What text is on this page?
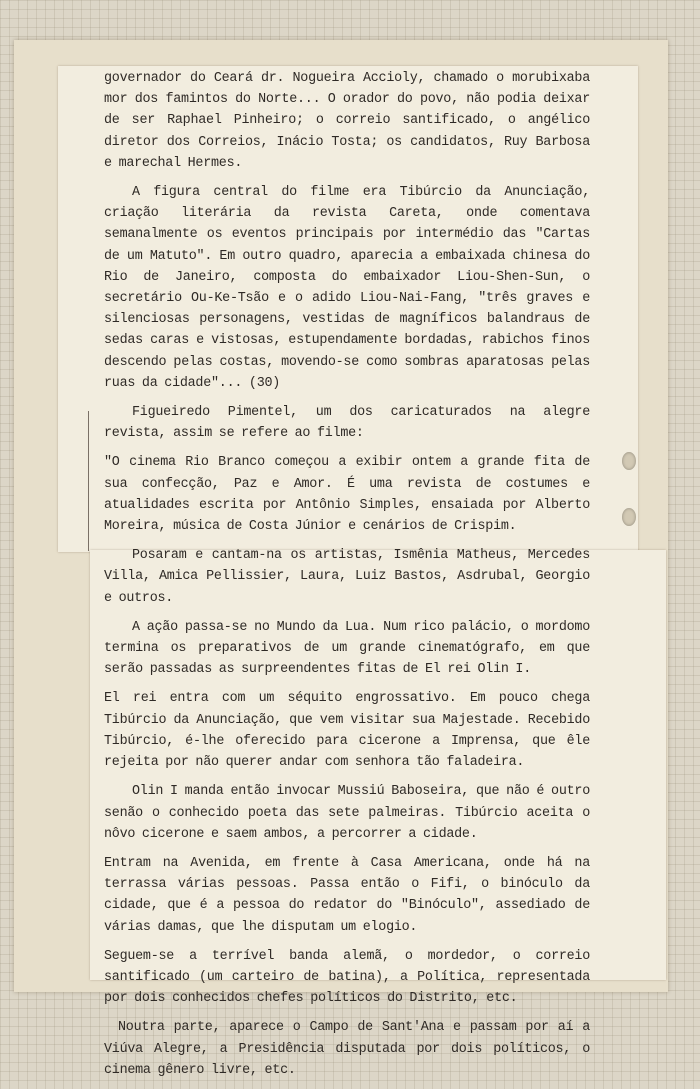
governador do Ceará dr. Nogueira Accioly, chamado o morubixaba mor dos famintos do Norte... O orador do povo, não podia deixar de ser Raphael Pinheiro; o correio santificado, o angélico diretor dos Correios, Inácio Tosta; os candidatos, Ruy Barbosa e marechal Hermes.

A figura central do filme era Tibúrcio da Anunciação, criação literária da revista Careta, onde comentava semanalmente os eventos principais por intermédio das "Cartas de um Matuto". Em outro quadro, aparecia a embaixada chinesa do Rio de Janeiro, composta do embaixador Liou-Shen-Sun, o secretário Ou-Ke-Tsão e o adido Liou-Nai-Fang, "três graves e silenciosas personagens, vestidas de magníficos balandraus de sedas caras e vistosas, estupendamente bordadas, rabichos finos descendo pelas costas, movendo-se como sombras aparatosas pelas ruas da cidade"... (30)

Figueiredo Pimentel, um dos caricaturados na alegre revista, assim se refere ao filme:

"O cinema Rio Branco começou a exibir ontem a grande fita de sua confecção, Paz e Amor. É uma revista de costumes e atualidades escrita por Antônio Simples, ensaiada por Alberto Moreira, música de Costa Júnior e cenários de Crispim.

Posaram e cantam-na os artistas, Ismênia Matheus, Mercedes Villa, Amica Pellissier, Laura, Luiz Bastos, Asdrubal, Georgio e outros.

A ação passa-se no Mundo da Lua. Num rico palácio, o mordomo termina os preparativos de um grande cinematógrafo, em que serão passadas as surpreendentes fitas de El rei Olin I.

El rei entra com um séquito engrossativo. Em pouco chega Tibúrcio da Anunciação, que vem visitar sua Majestade. Recebido Tibúrcio, é-lhe oferecido para cicerone a Imprensa, que êle rejeita por não querer andar com senhora tão faladeira.

Olin I manda então invocar Mussiú Baboseira, que não é outro senão o conhecido poeta das sete palmeiras. Tibúrcio aceita o nôvo cicerone e saem ambos, a percorrer a cidade.

Entram na Avenida, em frente à Casa Americana, onde há na terrassa várias pessoas. Passa então o Fifi, o binóculo da cidade, que é a pessoa do redator do "Binóculo", assediado de várias damas, que lhe disputam um elogio.

Seguem-se a terrível banda alemã, o mordedor, o correio santificado (um carteiro de batina), a Política, representada por dois conhecidos chefes políticos do Distrito, etc.

Noutra parte, aparece o Campo de Sant'Ana e passam por aí a Viúva Alegre, a Presidência disputada por dois políticos, o cinema gênero livre, etc.
